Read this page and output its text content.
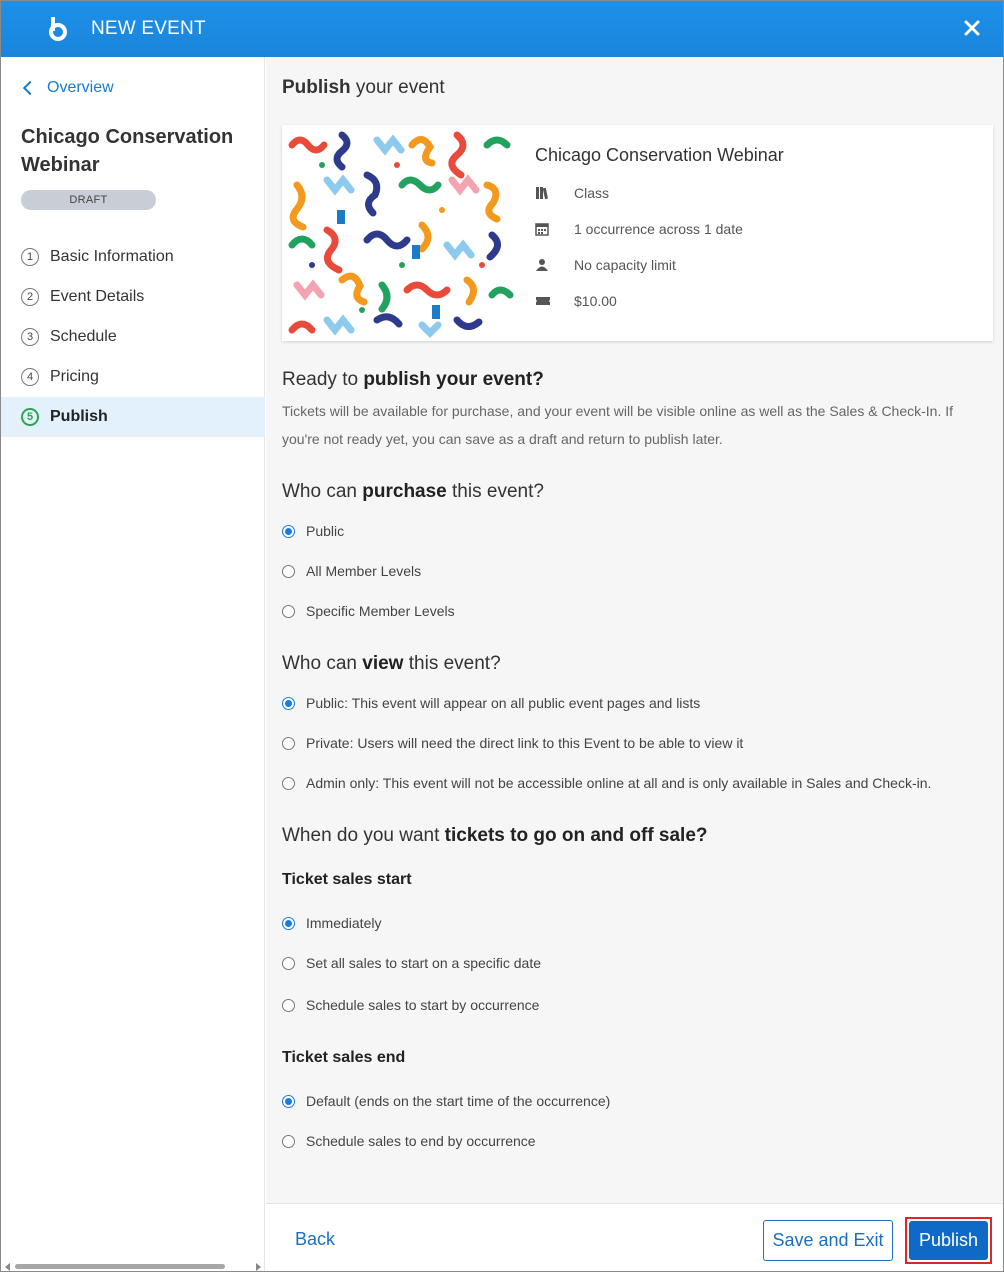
NEW EVENT
Overview
Chicago Conservation Webinar
DRAFT
1	Basic Information
2	Event Details
3	Schedule
4	Pricing
5	Publish
Publish your event
Chicago Conservation Webinar
Class
1 occurrence across 1 date
No capacity limit
$10.00
Ready to publish your event?
Tickets will be available for purchase, and your event will be visible online as well as the Sales & Check-In. If you're not ready yet, you can save as a draft and return to publish later.
Who can purchase this event?
Public
All Member Levels
Specific Member Levels
Who can view this event?
Public: This event will appear on all public event pages and lists
Private: Users will need the direct link to this Event to be able to view it
Admin only: This event will not be accessible online at all and is only available in Sales and Check-in.
When do you want tickets to go on and off sale?
Ticket sales start
Immediately
Set all sales to start on a specific date
Schedule sales to start by occurrence
Ticket sales end
Default (ends on the start time of the occurrence)
Schedule sales to end by occurrence
Back	Save and Exit	Publish
